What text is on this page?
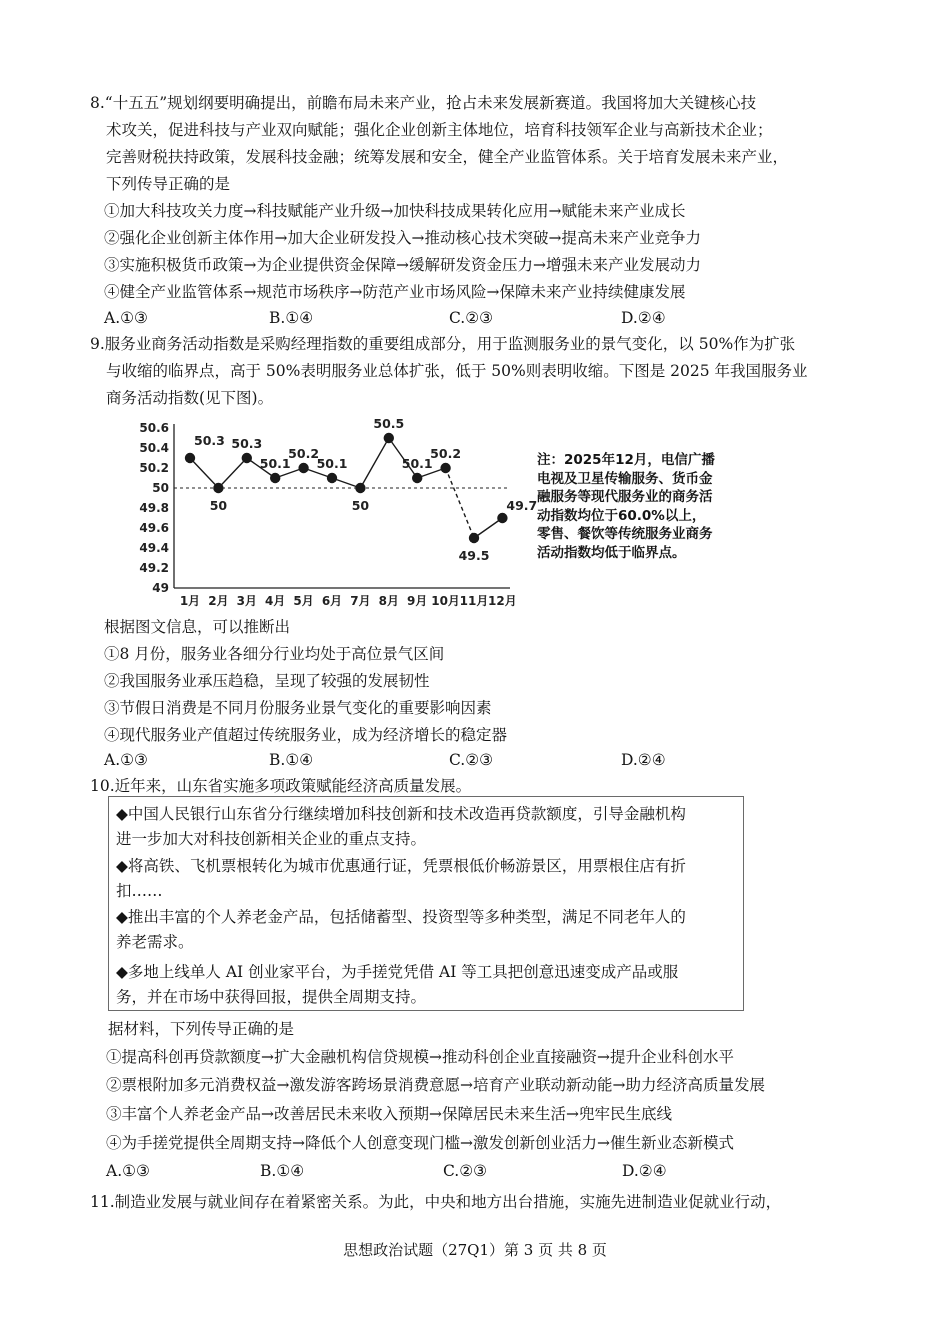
8.“十五五”规划纲要明确提出，前瞻布局未来产业，抢占未来发展新赛道。我国将加大关键核心技
术攻关，促进科技与产业双向赋能；强化企业创新主体地位，培育科技领军企业与高新技术企业；
完善财税扶持政策，发展科技金融；统筹发展和安全，健全产业监管体系。关于培育发展未来产业，
下列传导正确的是
①加大科技攻关力度→科技赋能产业升级→加快科技成果转化应用→赋能未来产业成长
②强化企业创新主体作用→加大企业研发投入→推动核心技术突破→提高未来产业竞争力
③实施积极货币政策→为企业提供资金保障→缓解研发资金压力→增强未来产业发展动力
④健全产业监管体系→规范市场秩序→防范产业市场风险→保障未来产业持续健康发展
A.①③	B.①④	C.②③	D.②④
9.服务业商务活动指数是采购经理指数的重要组成部分，用于监测服务业的景气变化，以 50%作为扩张
与收缩的临界点，高于 50%表明服务业总体扩张，低于 50%则表明收缩。下图是 2025 年我国服务业
商务活动指数(见下图)。
49
49.2
49.4
49.6
49.8
50
50.2
50.4
50.6
1月 2月 3月 4月 5月 6月 7月 8月 9月 10月 11月 12月
50.3
50
50.3
50.1
50.2
50.1
50
50.5
50.1
50.2
49.5
49.7
注：2025年12月，电信广播电视及卫星传输服务、货币金融服务等现代服务业的商务活动指数均位于60.0%以上，零售、餐饮等传统服务业商务活动指数均低于临界点。
根据图文信息，可以推断出
①8 月份，服务业各细分行业均处于高位景气区间
②我国服务业承压趋稳，呈现了较强的发展韧性
③节假日消费是不同月份服务业景气变化的重要影响因素
④现代服务业产值超过传统服务业，成为经济增长的稳定器
A.①③	B.①④	C.②③	D.②④
10.近年来，山东省实施多项政策赋能经济高质量发展。
◆中国人民银行山东省分行继续增加科技创新和技术改造再贷款额度，引导金融机构
进一步加大对科技创新相关企业的重点支持。
◆将高铁、飞机票根转化为城市优惠通行证，凭票根低价畅游景区，用票根住店有折
扣……
◆推出丰富的个人养老金产品，包括储蓄型、投资型等多种类型，满足不同老年人的
养老需求。
◆多地上线单人 AI 创业家平台，为手搓党凭借 AI 等工具把创意迅速变成产品或服
务，并在市场中获得回报，提供全周期支持。
据材料，下列传导正确的是
①提高科创再贷款额度→扩大金融机构信贷规模→推动科创企业直接融资→提升企业科创水平
②票根附加多元消费权益→激发游客跨场景消费意愿→培育产业联动新动能→助力经济高质量发展
③丰富个人养老金产品→改善居民未来收入预期→保障居民未来生活→兜牢民生底线
④为手搓党提供全周期支持→降低个人创意变现门槛→激发创新创业活力→催生新业态新模式
A.①③	B.①④	C.②③	D.②④
11.制造业发展与就业间存在着紧密关系。为此，中央和地方出台措施，实施先进制造业促就业行动，
思想政治试题（27Q1）第 3 页 共 8 页
